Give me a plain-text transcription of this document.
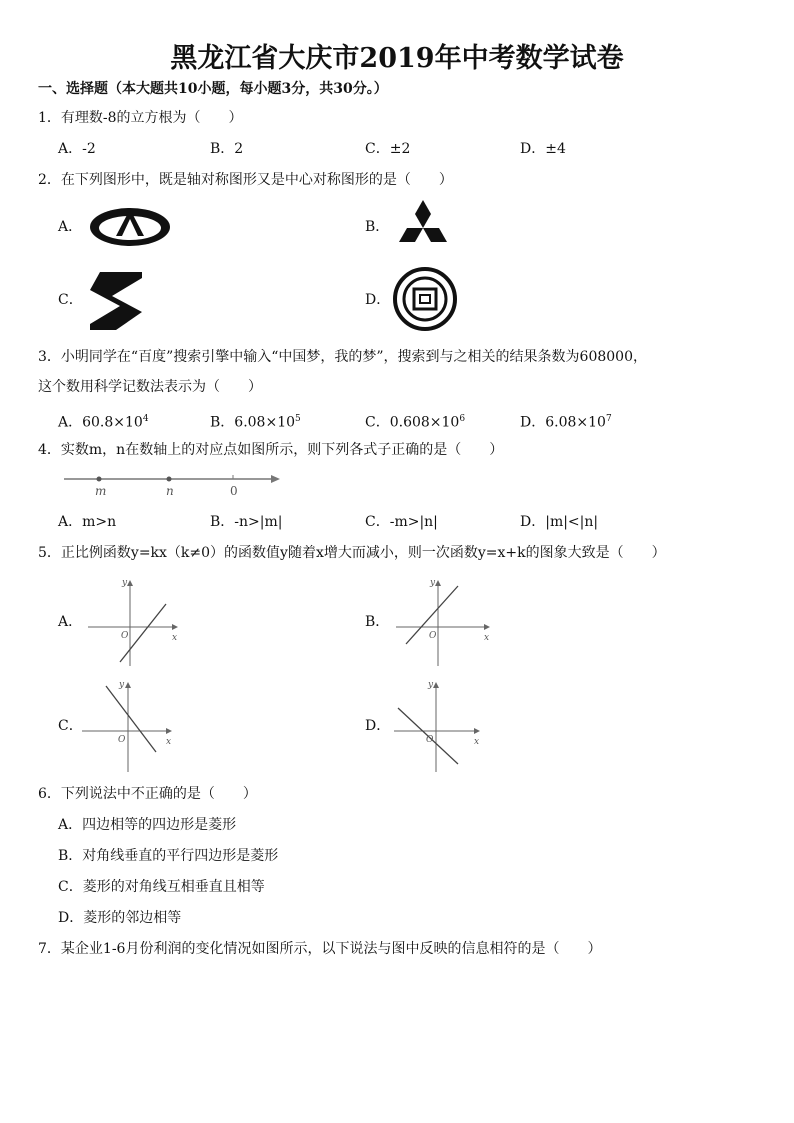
黑龙江省大庆市2019年中考数学试卷
一、选择题（本大题共10小题，每小题3分，共30分。）
1．有理数-8的立方根为（　　）
A．-2	B．2	C．±2	D．±4
2．在下列图形中，既是轴对称图形又是中心对称图形的是（　　）
A．	B．
C．	D．
3．小明同学在“百度”搜索引擎中输入“中国梦，我的梦”，搜索到与之相关的结果条数为608000，
这个数用科学记数法表示为（　　）
A．$60.8\times 10^4$	B．$6.08\times 10^5$	C．$0.608\times 10^6$	D．$6.08\times 10^7$
4．实数m，n在数轴上的对应点如图所示，则下列各式子正确的是（　　）
m	n	0
A．m>n	B．-n>|m|	C．-m>|n|	D．|m|<|n|
5．正比例函数y=kx（k≠0）的函数值y随着x增大而减小，则一次函数y=x+k的图象大致是（　　）
A．	B．
C．	D．
y
x
O
y
x
O
y
x
O
y
x
O
6．下列说法中不正确的是（　　）
A．四边相等的四边形是菱形
B．对角线垂直的平行四边形是菱形
C．菱形的对角线互相垂直且相等
D．菱形的邻边相等
7．某企业1-6月份利润的变化情况如图所示，以下说法与图中反映的信息相符的是（　　）
